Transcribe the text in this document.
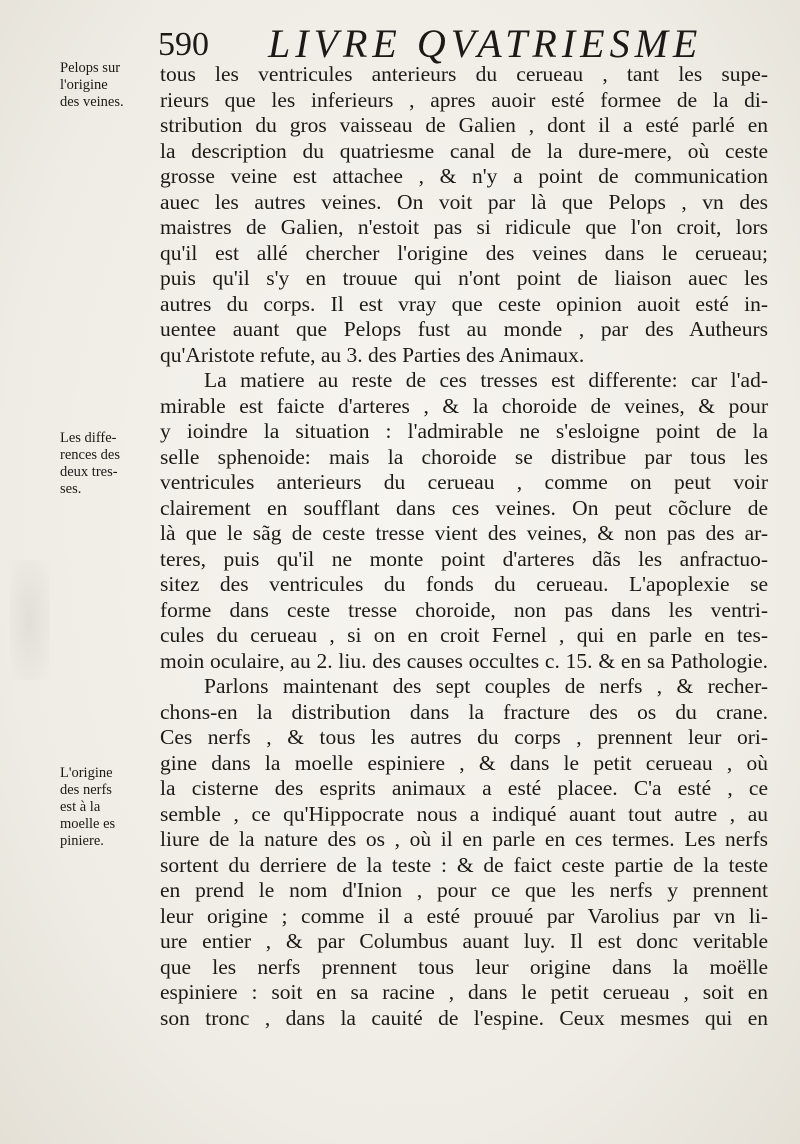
590 LIVRE QVATRIESME
Pelops sur
l'origine
des veines.
Les diffe-
rences des
deux tres-
ses.
L'origine
des nerfs
est à la
moelle es
piniere.
tous les ventricules anterieurs du cerueau , tant les supe-
rieurs que les inferieurs , apres auoir esté formee de la di-
stribution du gros vaisseau de Galien , dont il a esté parlé en
la description du quatriesme canal de la dure-mere, où ceste
grosse veine est attachee , & n'y a point de communication
auec les autres veines. On voit par là que Pelops , vn des
maistres de Galien, n'estoit pas si ridicule que l'on croit, lors
qu'il est allé chercher l'origine des veines dans le cerueau;
puis qu'il s'y en trouue qui n'ont point de liaison auec les
autres du corps. Il est vray que ceste opinion auoit esté in-
uentee auant que Pelops fust au monde , par des Autheurs
qu'Aristote refute, au 3. des Parties des Animaux.
La matiere au reste de ces tresses est differente: car l'ad-
mirable est faicte d'arteres , & la choroide de veines, & pour
y ioindre la situation : l'admirable ne s'esloigne point de la
selle sphenoide: mais la choroide se distribue par tous les
ventricules anterieurs du cerueau , comme on peut voir
clairement en soufflant dans ces veines. On peut cõclure de
là que le sãg de ceste tresse vient des veines, & non pas des ar-
teres, puis qu'il ne monte point d'arteres dãs les anfractuo-
sitez des ventricules du fonds du cerueau. L'apoplexie se
forme dans ceste tresse choroide, non pas dans les ventri-
cules du cerueau , si on en croit Fernel , qui en parle en tes-
moin oculaire, au 2. liu. des causes occultes c. 15. & en sa Pathologie.
Parlons maintenant des sept couples de nerfs , & recher-
chons-en la distribution dans la fracture des os du crane.
Ces nerfs , & tous les autres du corps , prennent leur ori-
gine dans la moelle espiniere , & dans le petit cerueau , où
la cisterne des esprits animaux a esté placee. C'a esté , ce
semble , ce qu'Hippocrate nous a indiqué auant tout autre , au
liure de la nature des os , où il en parle en ces termes. Les nerfs
sortent du derriere de la teste : & de faict ceste partie de la teste
en prend le nom d'Inion , pour ce que les nerfs y prennent
leur origine ; comme il a esté prouué par Varolius par vn li-
ure entier , & par Columbus auant luy. Il est donc veritable
que les nerfs prennent tous leur origine dans la moëlle
espiniere : soit en sa racine , dans le petit cerueau , soit en
son tronc , dans la cauité de l'espine. Ceux mesmes qui en
